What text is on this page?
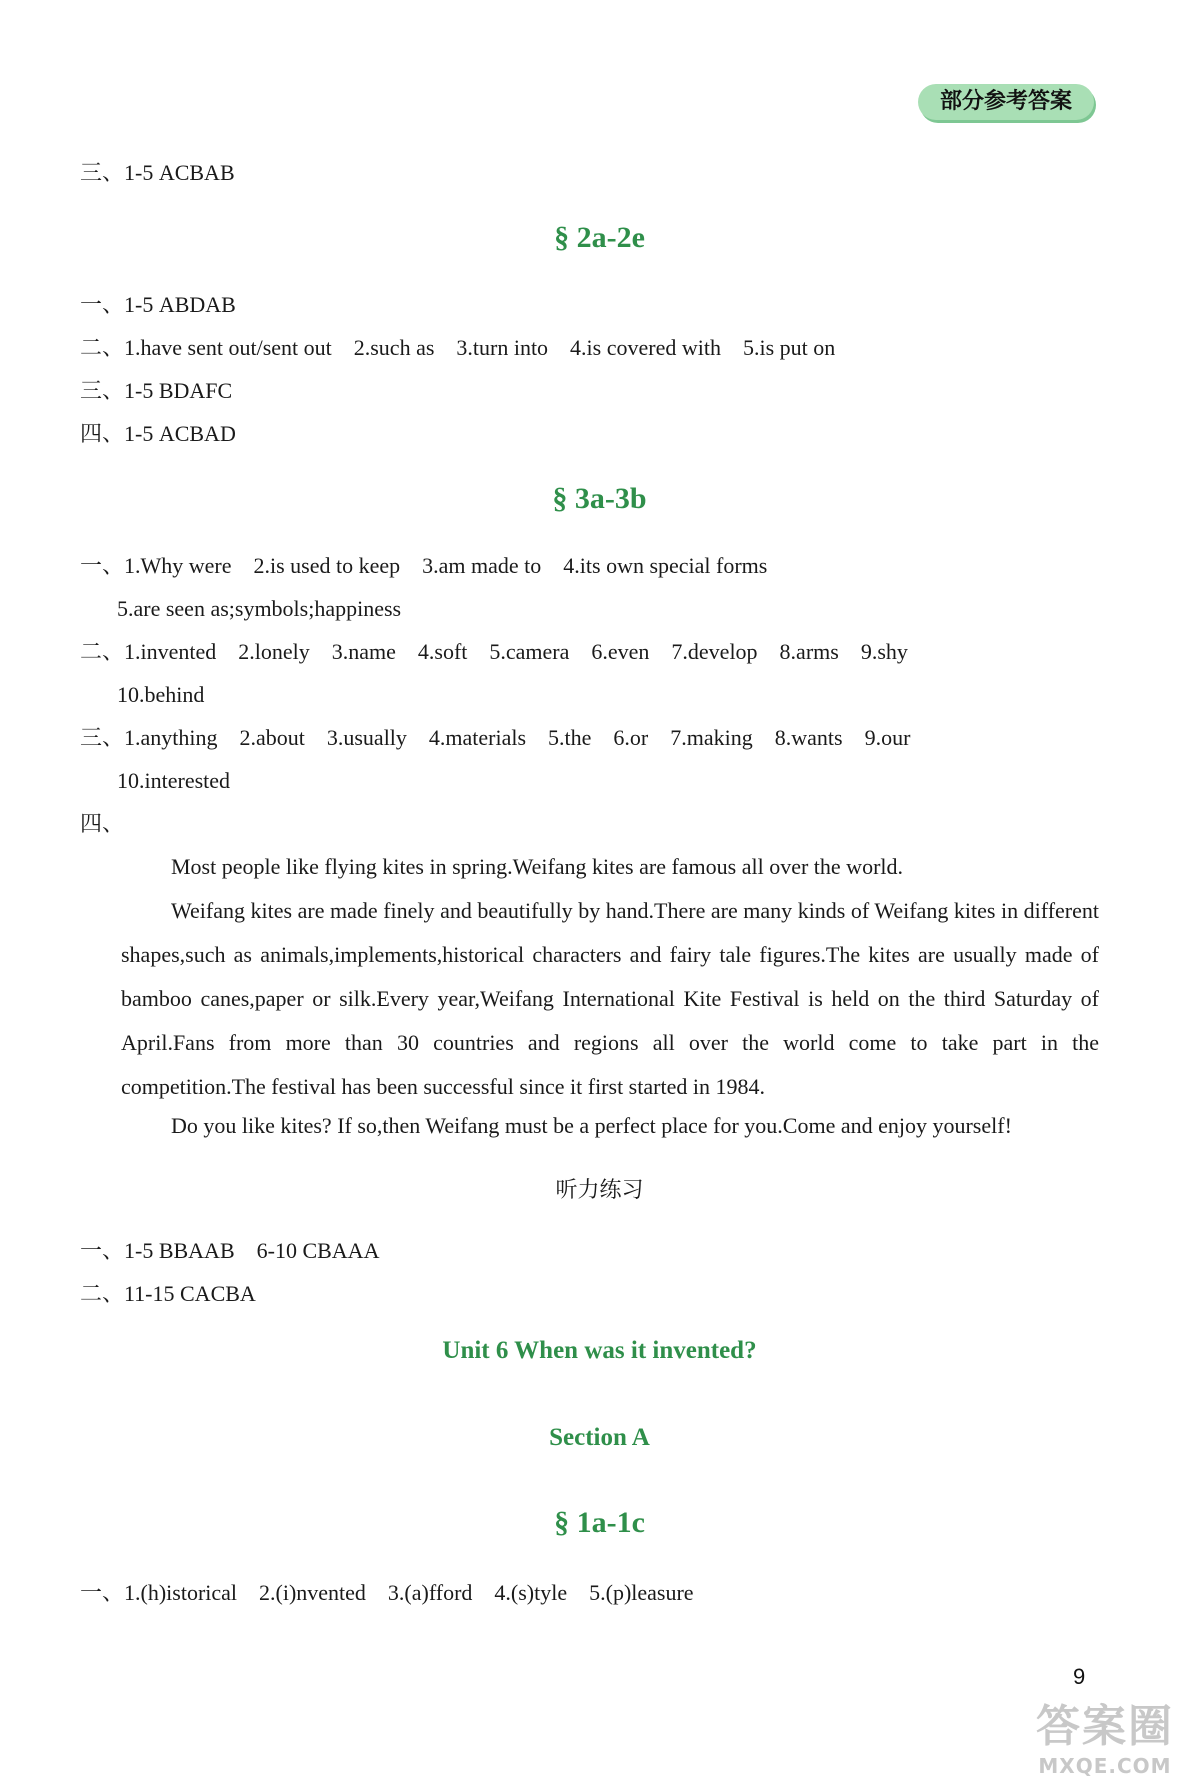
部分参考答案
三、1-5 ACBAB
§ 2a-2e
一、1-5 ABDAB
二、1.have sent out/sent out    2.such as    3.turn into    4.is covered with    5.is put on
三、1-5 BDAFC
四、1-5 ACBAD
§ 3a-3b
一、1.Why were    2.is used to keep    3.am made to    4.its own special forms
5.are seen as;symbols;happiness
二、1.invented    2.lonely    3.name    4.soft    5.camera    6.even    7.develop    8.arms    9.shy
10.behind
三、1.anything    2.about    3.usually    4.materials    5.the    6.or    7.making    8.wants    9.our
10.interested
四、
Most people like flying kites in spring.Weifang kites are famous all over the world.
Weifang kites are made finely and beautifully by hand.There are many kinds of Weifang kites in different shapes,such as animals,implements,historical characters and fairy tale figures.The kites are usually made of bamboo canes,paper or silk.Every year,Weifang International Kite Festival is held on the third Saturday of April.Fans from more than 30 countries and regions all over the world come to take part in the competition.The festival has been successful since it first started in 1984.
Do you like kites? If so,then Weifang must be a perfect place for you.Come and enjoy yourself!
听力练习
一、1-5 BBAAB    6-10 CBAAA
二、11-15 CACBA
Unit 6 When was it invented?
Section A
§ 1a-1c
一、1.(h)istorical    2.(i)nvented    3.(a)fford    4.(s)tyle    5.(p)leasure
9
答案圈
MXQE.COM
